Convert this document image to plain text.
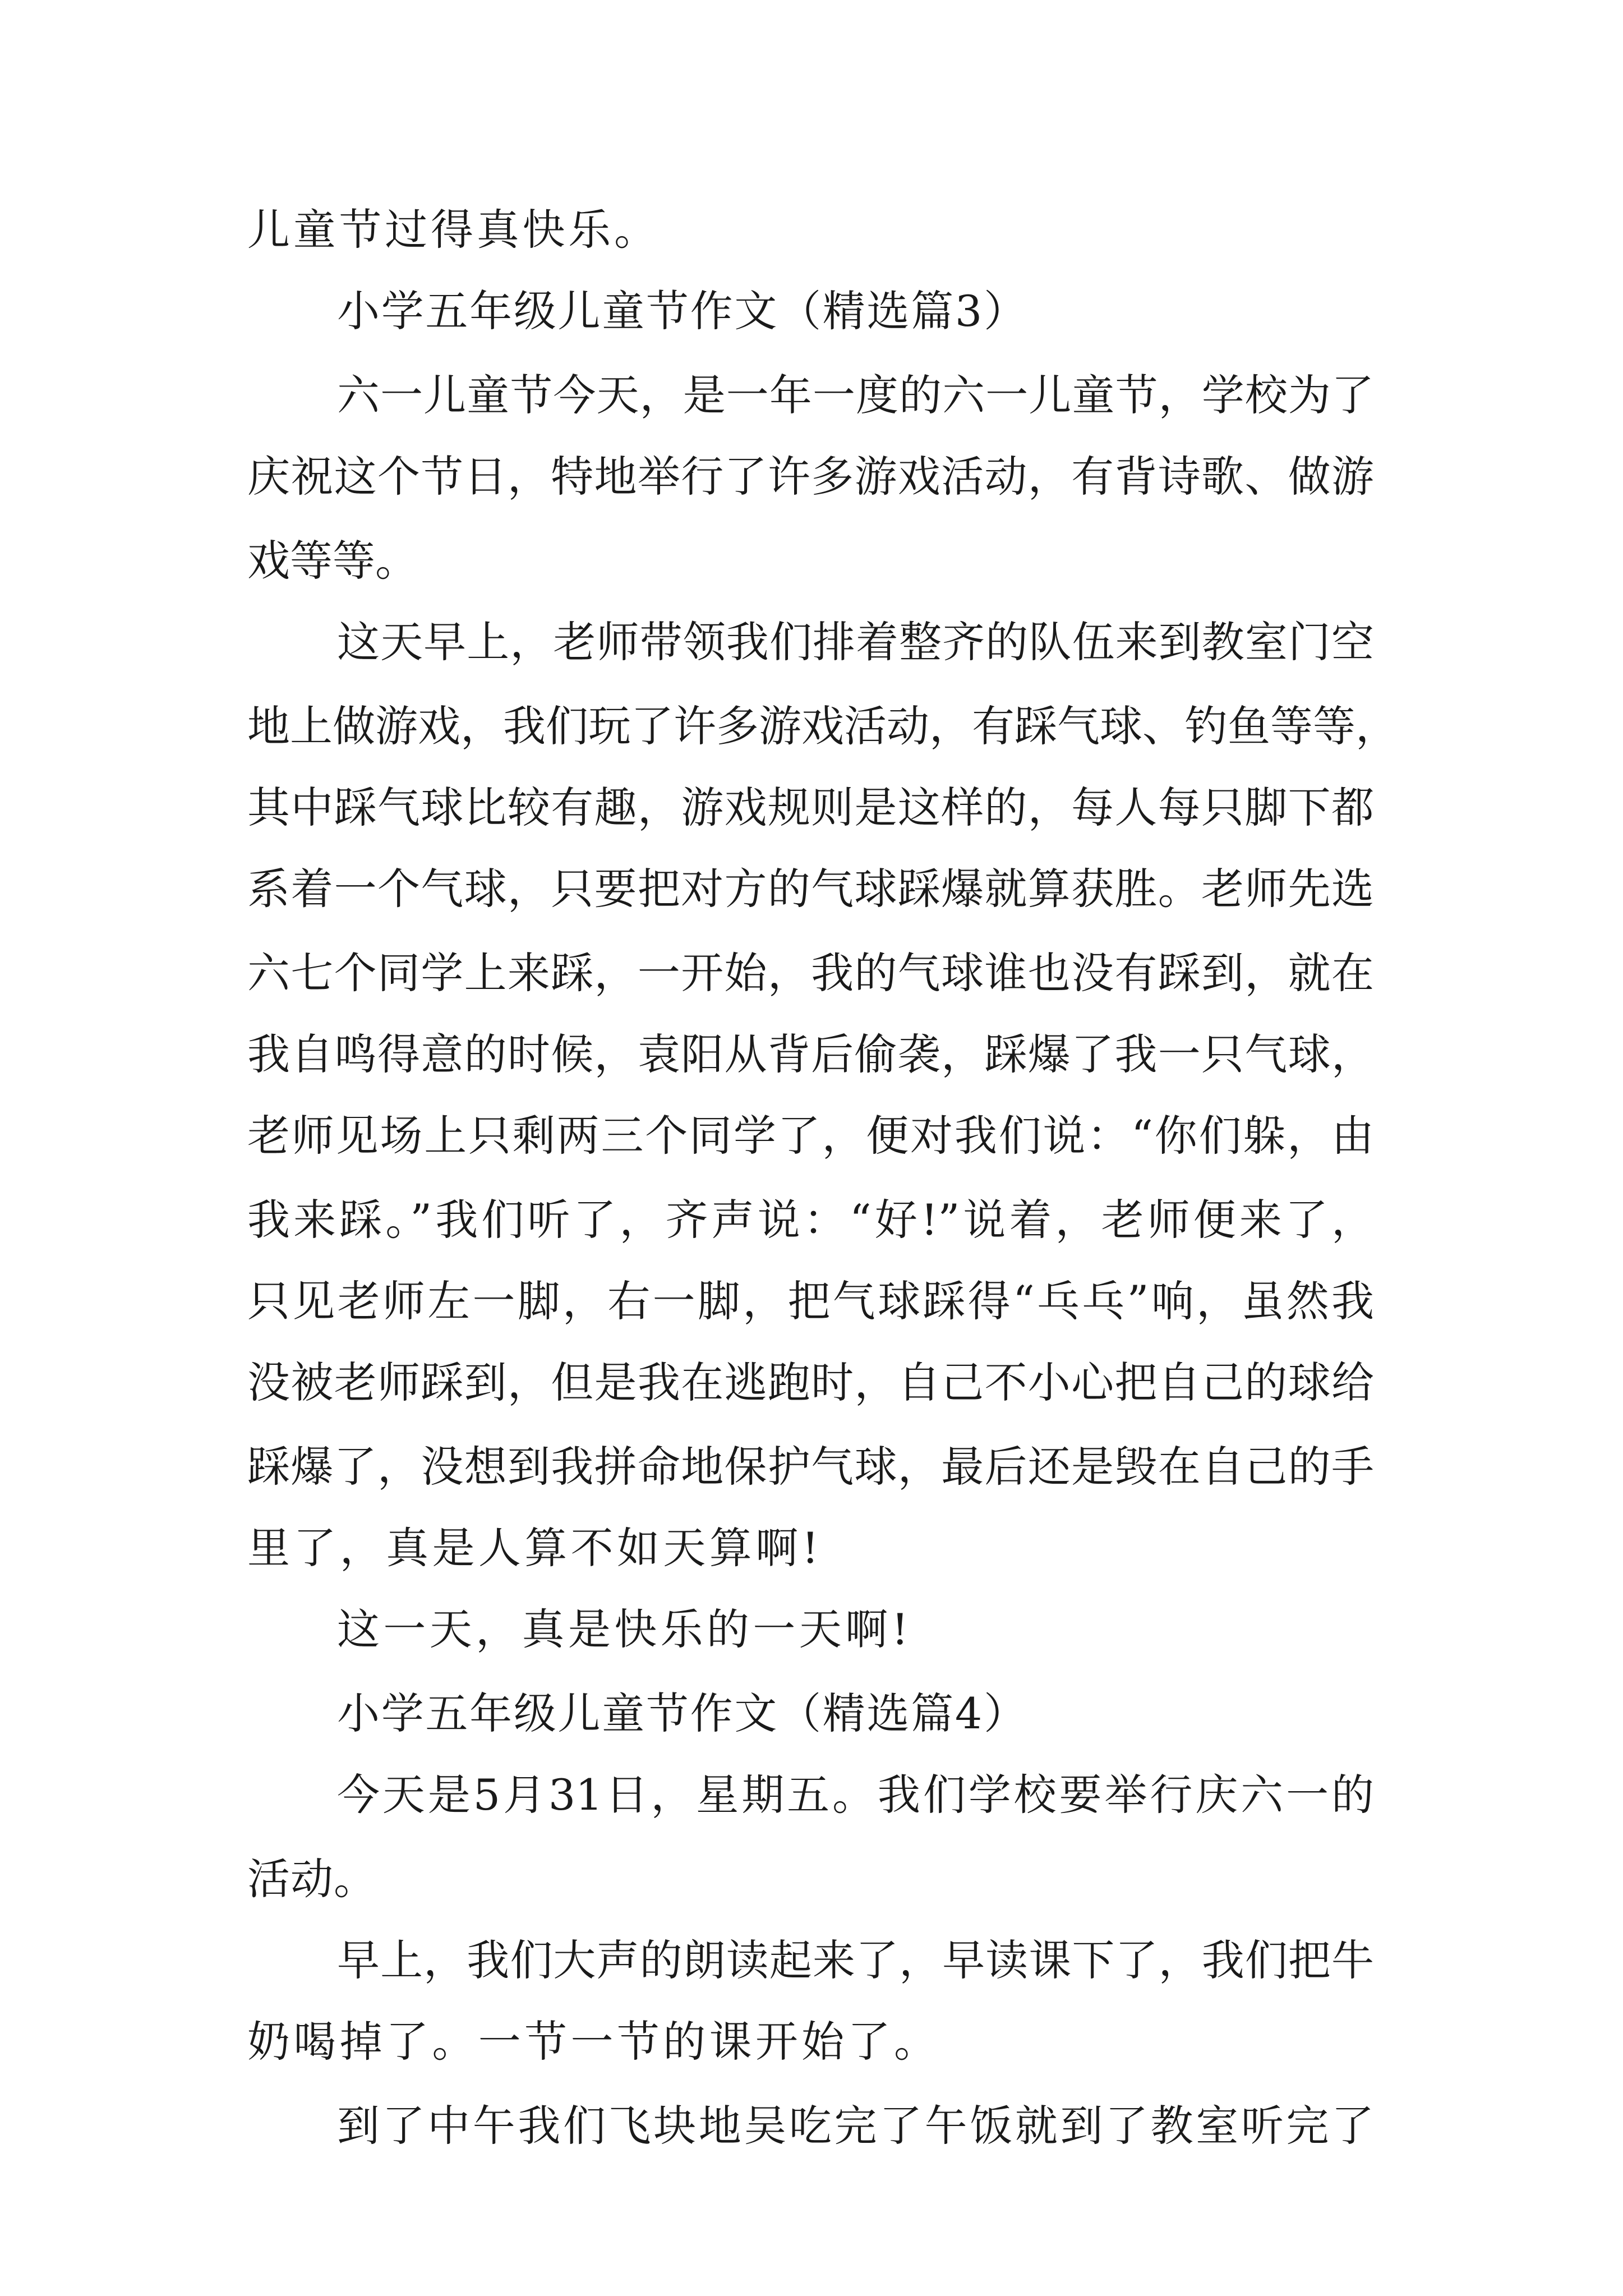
儿童节过得真快乐。
小学五年级儿童节作文（精选篇3）
六一儿童节今天，是一年一度的六一儿童节，学校为了
庆祝这个节日，特地举行了许多游戏活动，有背诗歌、做游
戏等等。
这天早上，老师带领我们排着整齐的队伍来到教室门空
地上做游戏，我们玩了许多游戏活动，有踩气球、钓鱼等等，
其中踩气球比较有趣，游戏规则是这样的，每人每只脚下都
系着一个气球，只要把对方的气球踩爆就算获胜。老师先选
六七个同学上来踩，一开始，我的气球谁也没有踩到，就在
我自鸣得意的时候，袁阳从背后偷袭，踩爆了我一只气球，
老师见场上只剩两三个同学了，便对我们说：“你们躲，由
我来踩。”我们听了，齐声说：“好!”说着，老师便来了，
只见老师左一脚，右一脚，把气球踩得“乓乓”响，虽然我
没被老师踩到，但是我在逃跑时，自己不小心把自己的球给
踩爆了，没想到我拼命地保护气球，最后还是毁在自己的手
里了，真是人算不如天算啊!
这一天，真是快乐的一天啊!
小学五年级儿童节作文（精选篇4）
今天是5月31日，星期五。我们学校要举行庆六一的
活动。
早上，我们大声的朗读起来了，早读课下了，我们把牛
奶喝掉了。一节一节的课开始了。
到了中午我们飞块地吴吃完了午饭就到了教室听完了
